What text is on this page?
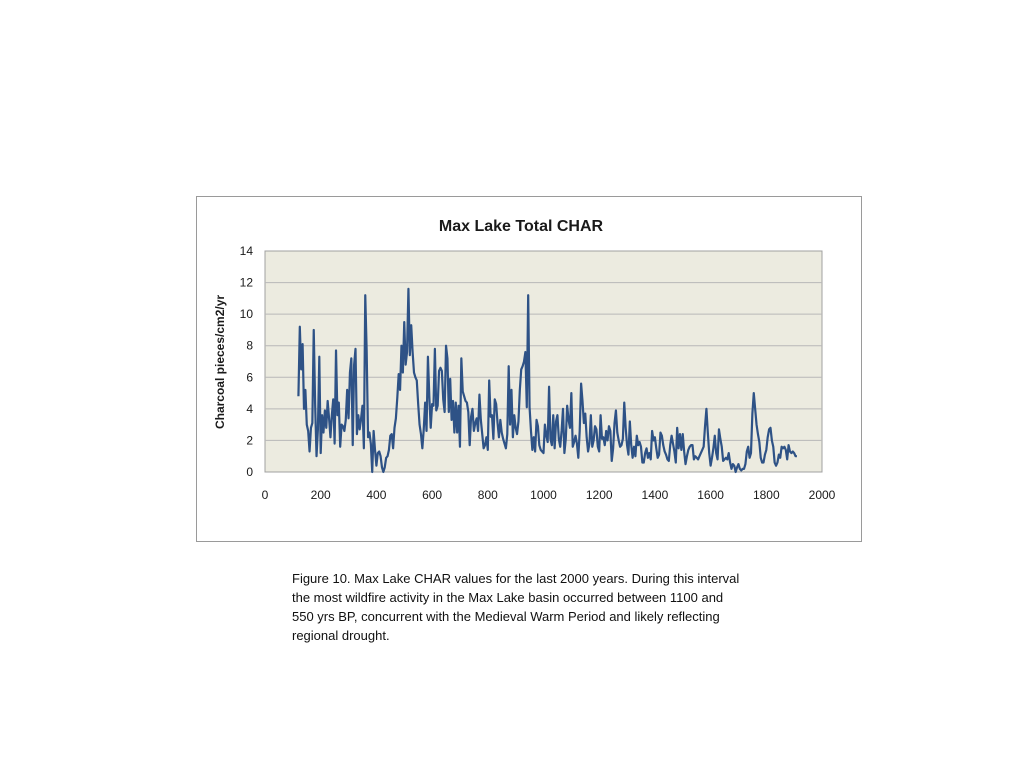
Max Lake Total CHAR
0
2
4
6
8
10
12
14
0	200	400	600	800	1000 1200 1400 1600 1800 2000
Charcoal pieces/cm2/yr
Figure 10. Max Lake CHAR values for the last 2000 years. During this interval
the most wildfire activity in the Max Lake basin occurred between 1100 and
550 yrs BP, concurrent with the Medieval Warm Period and likely reflecting
regional drought.
